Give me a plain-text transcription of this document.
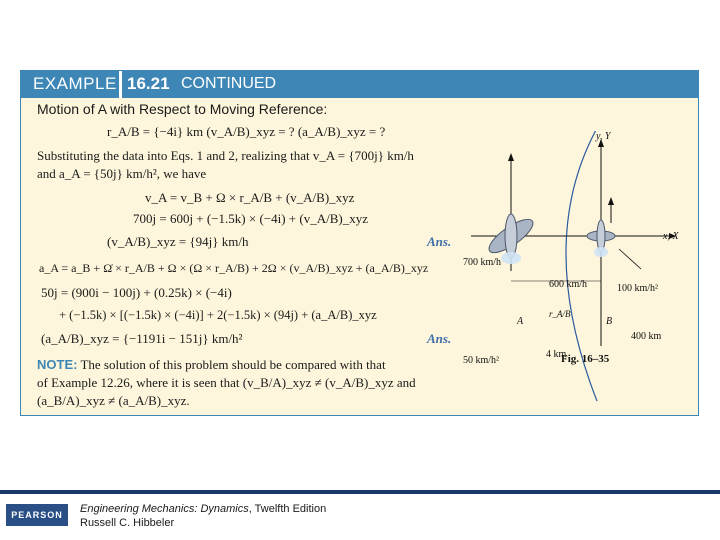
EXAMPLE 16.21 CONTINUED
Motion of A with Respect to Moving Reference:
r_A/B = {−4i} km (v_A/B)_xyz = ? (a_A/B)_xyz = ?
Substituting the data into Eqs. 1 and 2, realizing that v_A = {700j} km/h
and a_A = {50j} km/h², we have
v_A = v_B + Ω × r_A/B + (v_A/B)_xyz
700j = 600j + (−1.5k) × (−4i) + (v_A/B)_xyz
(v_A/B)_xyz = {94j} km/h	Ans.
a_A = a_B + Ω̇ × r_A/B + Ω × (Ω × r_A/B) + 2Ω × (v_A/B)_xyz + (a_A/B)_xyz
50j = (900i − 100j) + (0.25k) × (−4i)
+ (−1.5k) × [(−1.5k) × (−4i)] + 2(−1.5k) × (94j) + (a_A/B)_xyz
(a_A/B)_xyz = {−1191i − 151j} km/h²	Ans.
NOTE: The solution of this problem should be compared with that
of Example 12.26, where it is seen that (v_B/A)_xyz ≠ (v_A/B)_xyz and
(a_B/A)_xyz ≠ (a_A/B)_xyz.
y, Y
x, X
700 km/h
600 km/h	100 km/h²
50 km/h²
400 km
4 km
r_A/B
A	B
Fig. 16–35
PEARSON	Engineering Mechanics: Dynamics, Twelfth Edition
Russell C. Hibbeler
